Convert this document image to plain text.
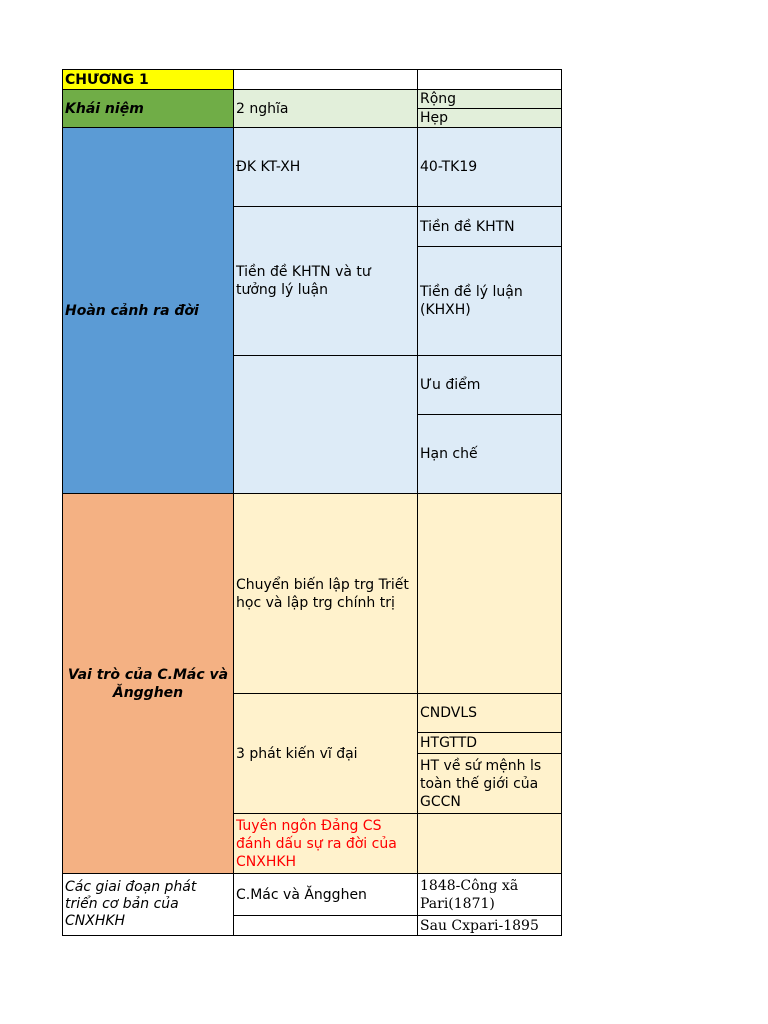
CHƯƠNG 1
Khái niệm	2 nghĩa
Rộng
Hẹp
Hoàn cảnh ra đời
ĐK KT-XH	40-TK19
Tiền đề KHTN và tư tưởng lý luận
Tiền đề KHTN
Tiền đề lý luận (KHXH)
Ưu điểm
Hạn chế
Vai trò của C.Mác và Ăngghen
Chuyển biến lập trg Triết học và lập trg chính trị
3 phát kiến vĩ đại
CNDVLS
HTGTTD
HT về sứ mệnh ls toàn thế giới của GCCN
Tuyên ngôn Đảng CS đánh dấu sự ra đời của CNXHKH
Các giai đoạn phát triển cơ bản của CNXHKH
C.Mác và Ăngghen
1848-Công xã Pari(1871)
Sau Cxpari-1895
